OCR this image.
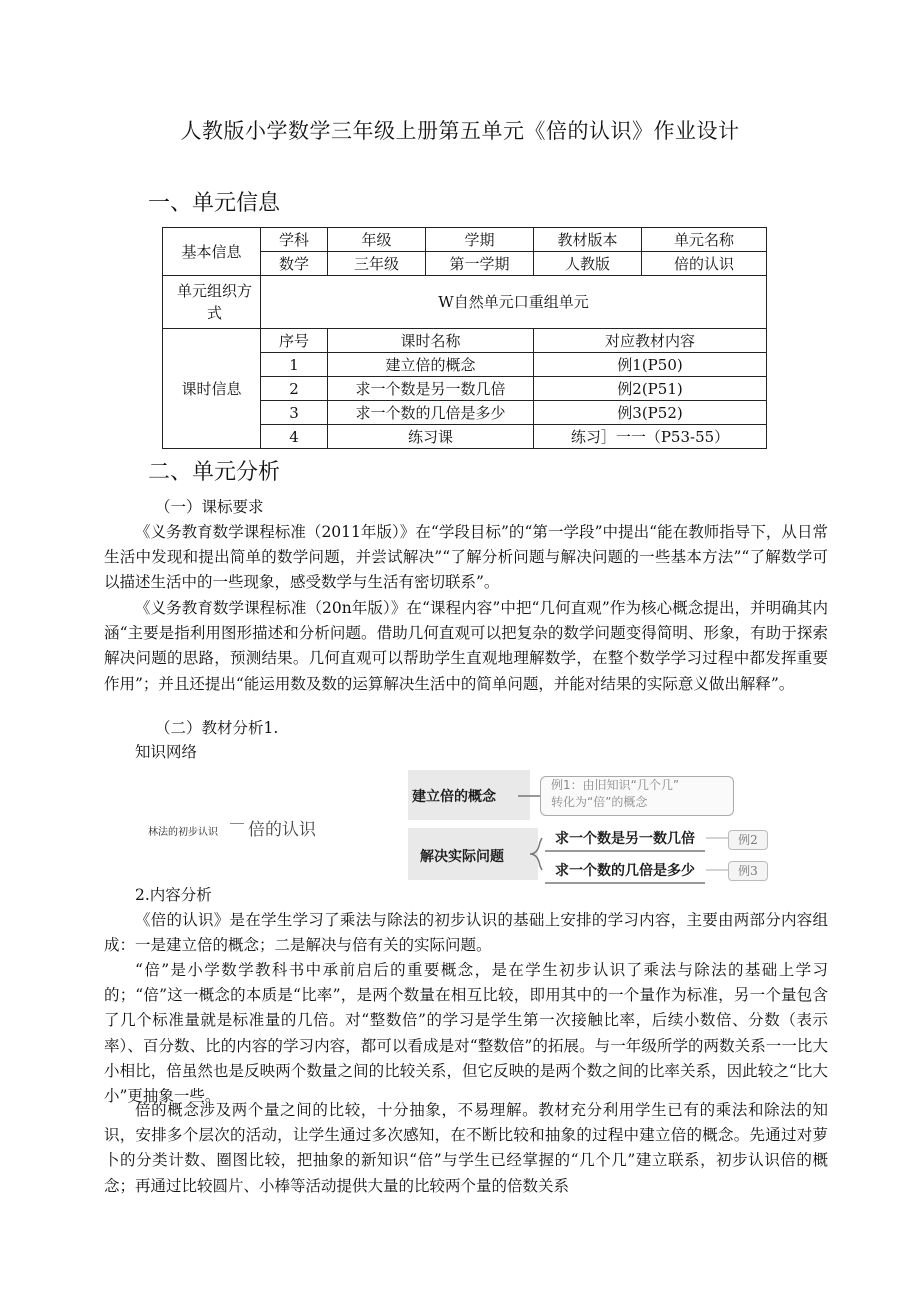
人教版小学数学三年级上册第五单元《倍的认识》作业设计
一、单元信息
基本信息	学科	年级	学期	教材版本	单元名称
	数学	三年级	第一学期	人教版	倍的认识
单元组织方式	W自然单元口重组单元				
课时信息	序号	课时名称		对应教材内容	
	1	建立倍的概念		例1(P50)	
	2	求一个数是另一数几倍		例2(P51)	
	3	求一个数的几倍是多少		例3(P52)	
	4	练习课		练习］一一（P53-55）	
二、单元分析
（一）课标要求
《义务教育数学课程标准（2011年版）》在“学段目标”的“第一学段”中提出“能在教师指导下，从日常生活中发现和提出简单的数学问题，并尝试解决”“了解分析问题与解决问题的一些基本方法”“了解数学可以描述生活中的一些现象，感受数学与生活有密切联系”。
《义务教育数学课程标准（20n年版）》在“课程内容”中把“几何直观”作为核心概念提出，并明确其内涵“主要是指利用图形描述和分析问题。借助几何直观可以把复杂的数学问题变得简明、形象，有助于探索解决问题的思路，预测结果。几何直观可以帮助学生直观地理解数学，在整个数学学习过程中都发挥重要作用”；并且还提出“能运用数及数的运算解决生活中的简单问题，并能对结果的实际意义做出解释”。
（二）教材分析1.
知识网络
林法的初步认识 倍的认识
建立倍的概念
例1：由旧知识“几个几”
转化为“倍”的概念
解决实际问题
求一个数是另一数几倍	例2
求一个数的几倍是多少	例3
2.内容分析
《倍的认识》是在学生学习了乘法与除法的初步认识的基础上安排的学习内容，主要由两部分内容组成：一是建立倍的概念；二是解决与倍有关的实际问题。
“倍”是小学数学教科书中承前启后的重要概念，是在学生初步认识了乘法与除法的基础上学习的；“倍”这一概念的本质是“比率”，是两个数量在相互比较，即用其中的一个量作为标准，另一个量包含了几个标准量就是标准量的几倍。对“整数倍”的学习是学生第一次接触比率，后续小数倍、分数（表示率）、百分数、比的内容的学习内容，都可以看成是对“整数倍”的拓展。与一年级所学的两数关系一一比大小相比，倍虽然也是反映两个数量之间的比较关系，但它反映的是两个数之间的比率关系，因此较之“比大小”更抽象一些。
倍的概念涉及两个量之间的比较，十分抽象，不易理解。教材充分利用学生已有的乘法和除法的知识，安排多个层次的活动，让学生通过多次感知，在不断比较和抽象的过程中建立倍的概念。先通过对萝卜的分类计数、圈图比较，把抽象的新知识“倍”与学生已经掌握的“几个几”建立联系，初步认识倍的概念；再通过比较圆片、小棒等活动提供大量的比较两个量的倍数关系
